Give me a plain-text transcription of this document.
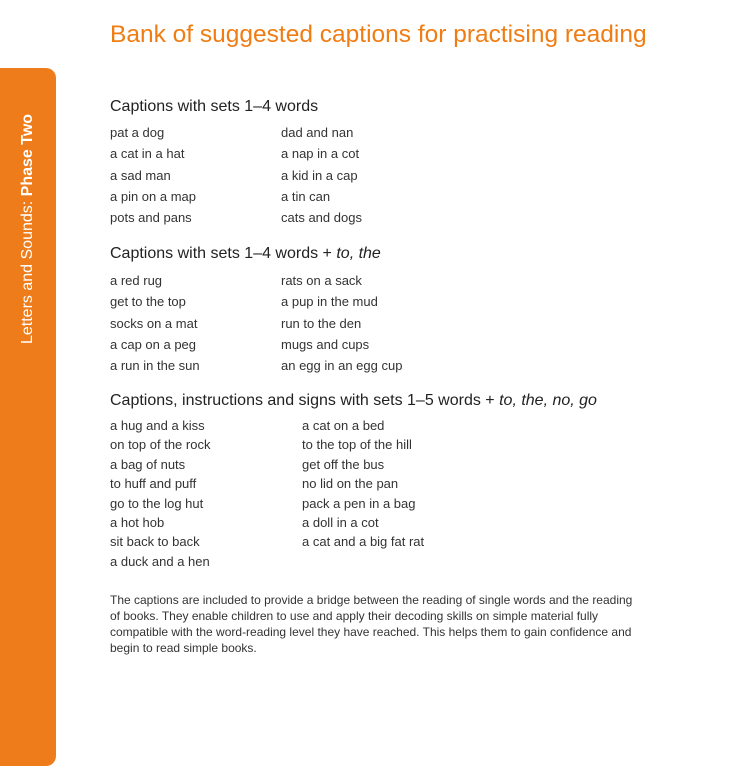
Letters and Sounds: Phase Two
Bank of suggested captions for practising reading
Captions with sets 1–4 words
pat a dog
a cat in a hat
a sad man
a pin on a map
pots and pans
dad and nan
a nap in a cot
a kid in a cap
a tin can
cats and dogs
Captions with sets 1–4 words + to, the
a red rug
get to the top
socks on a mat
a cap on a peg
a run in the sun
rats on a sack
a pup in the mud
run to the den
mugs and cups
an egg in an egg cup
Captions, instructions and signs with sets 1–5 words + to, the, no, go
a hug and a kiss
on top of the rock
a bag of nuts
to huff and puff
go to the log hut
a hot hob
sit back to back
a duck and a hen
a cat on a bed
to the top of the hill
get off the bus
no lid on the pan
pack a pen in a bag
a doll in a cot
a cat and a big fat rat

The captions are included to provide a bridge between the reading of single words and the reading of books. They enable children to use and apply their decoding skills on simple material fully compatible with the word-reading level they have reached. This helps them to gain confidence and begin to read simple books.
